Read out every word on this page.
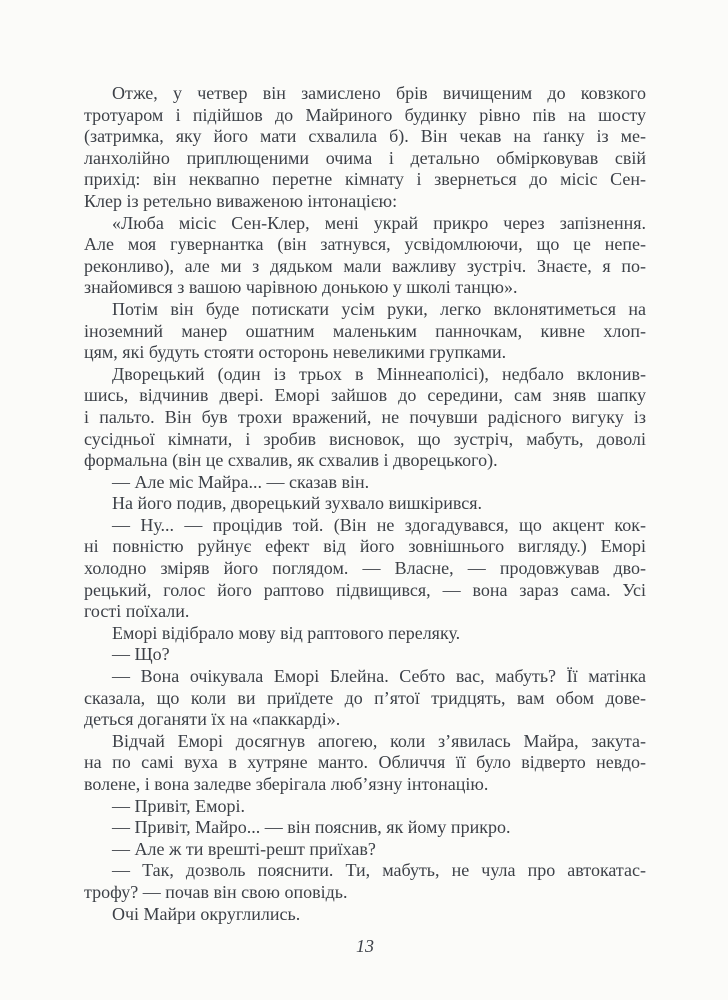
Отже, у четвер він замислено брів вичищеним до ковзкого
тротуаром і підійшов до Майриного будинку рівно пів на шосту
(затримка, яку його мати схвалила б). Він чекав на ґанку із ме-
ланхолійно приплющеними очима і детально обмірковував свій
прихід: він неквапно перетне кімнату і звернеться до місіс Сен-
Клер із ретельно виваженою інтонацією:
«Люба місіс Сен-Клер, мені украй прикро через запізнення.
Але моя гувернантка (він затнувся, усвідомлюючи, що це непе-
реконливо), але ми з дядьком мали важливу зустріч. Знаєте, я по-
знайомився з вашою чарівною донькою у школі танцю».
Потім він буде потискати усім руки, легко вклонятиметься на
іноземний манер ошатним маленьким панночкам, кивне хлоп-
цям, які будуть стояти осторонь невеликими групками.
Дворецький (один із трьох в Міннеаполісі), недбало вклонив-
шись, відчинив двері. Еморі зайшов до середини, сам зняв шапку
і пальто. Він був трохи вражений, не почувши радісного вигуку із
сусідньої кімнати, і зробив висновок, що зустріч, мабуть, доволі
формальна (він це схвалив, як схвалив і дворецького).
— Але міс Майра... — сказав він.
На його подив, дворецький зухвало вишкірився.
— Ну... — процідив той. (Він не здогадувався, що акцент кок-
ні повністю руйнує ефект від його зовнішнього вигляду.) Еморі
холодно зміряв його поглядом. — Власне, — продовжував дво-
рецький, голос його раптово підвищився, — вона зараз сама. Усі
гості поїхали.
Еморі відібрало мову від раптового переляку.
— Що?
— Вона очікувала Еморі Блейна. Себто вас, мабуть? Її матінка
сказала, що коли ви приїдете до п’ятої тридцять, вам обом дове-
деться доганяти їх на «паккарді».
Відчай Еморі досягнув апогею, коли з’явилась Майра, закута-
на по самі вуха в хутряне манто. Обличчя її було відверто невдо-
волене, і вона заледве зберігала люб’язну інтонацію.
— Привіт, Еморі.
— Привіт, Майро... — він пояснив, як йому прикро.
— Але ж ти врешті-решт приїхав?
— Так, дозволь пояснити. Ти, мабуть, не чула про автокатас-
трофу? — почав він свою оповідь.
Очі Майри округлились.
13
